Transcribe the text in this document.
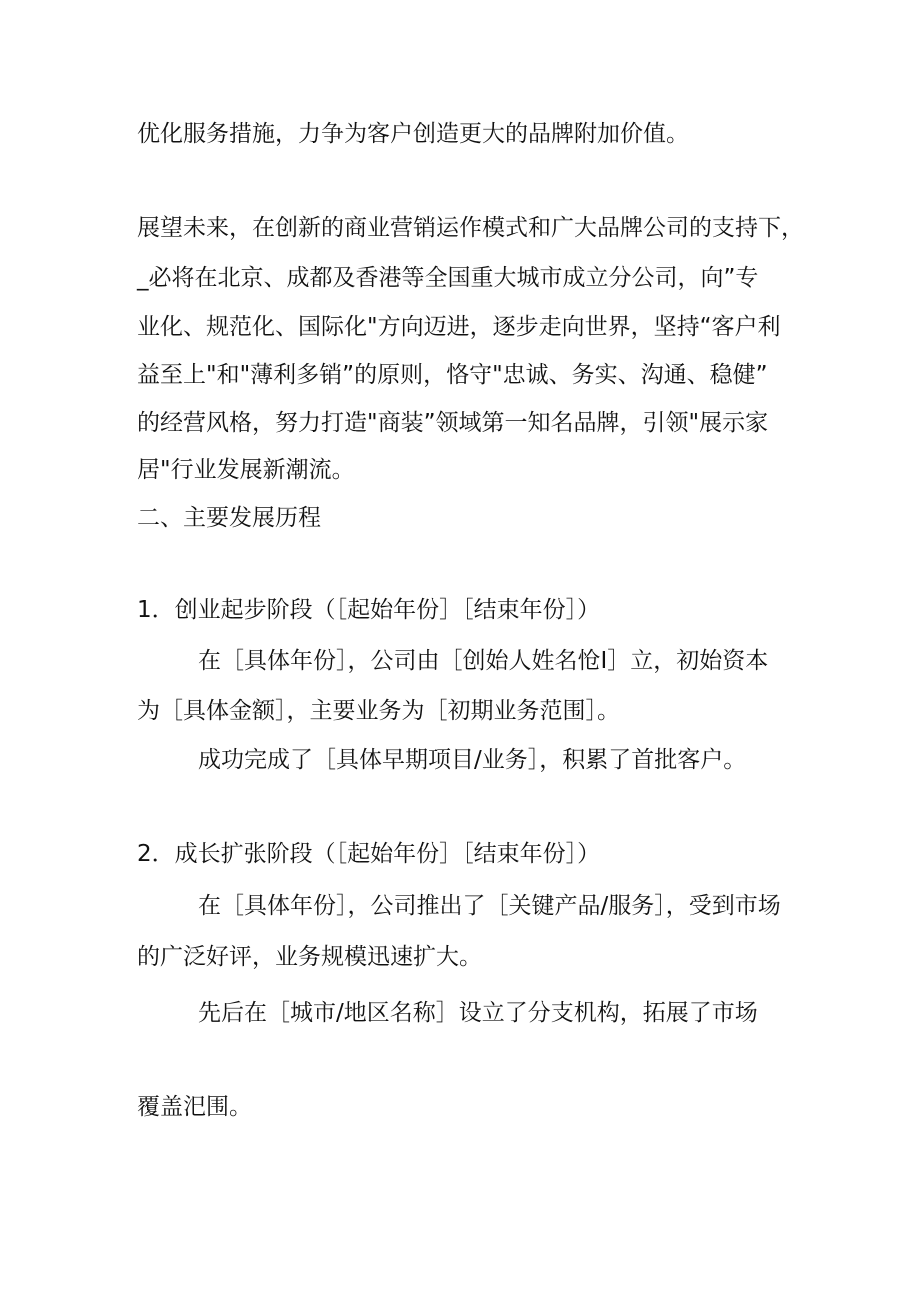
优化服务措施，力争为客户创造更大的品牌附加价值。
展望未来，在创新的商业营销运作模式和广大品牌公司的支持下，
_必将在北京、成都及香港等全国重大城市成立分公司，向”专
业化、规范化、国际化"方向迈进，逐步走向世界，坚持“客户利
益至上"和"薄利多销”的原则，恪守"忠诚、务实、沟通、稳健”
的经营风格，努力打造"商装”领域第一知名品牌，引领"展示家
居"行业发展新潮流。
二、主要发展历程
1．创业起步阶段（［起始年份］［结束年份］）
在［具体年份］，公司由［创始人姓名怆I］立，初始资本
为［具体金额］，主要业务为［初期业务范围］。
成功完成了［具体早期项目/业务］，积累了首批客户。
2．成长扩张阶段（［起始年份］［结束年份］）
在［具体年份］，公司推出了［关键产品/服务］，受到市场
的广泛好评，业务规模迅速扩大。
先后在［城市/地区名称］设立了分支机构，拓展了市场
覆盖汜围。
